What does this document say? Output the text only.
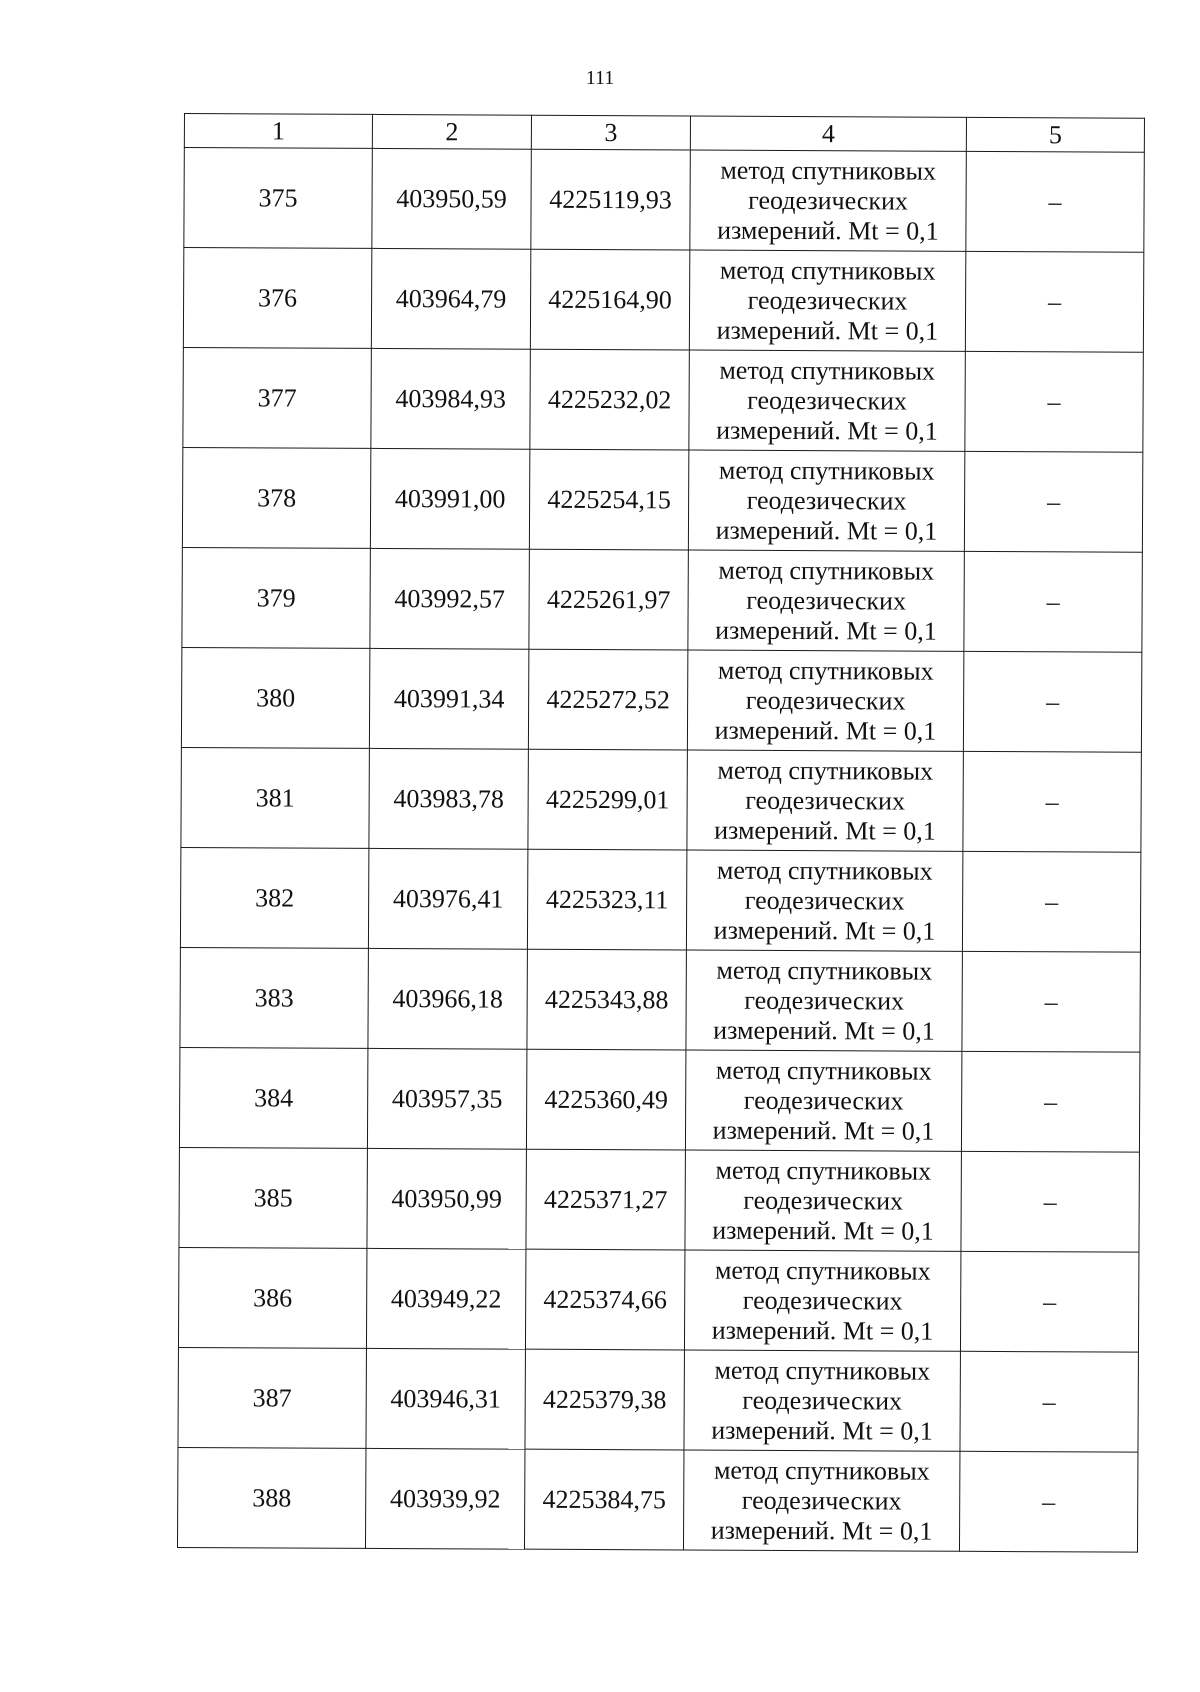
111
1	2	3	4	5
375	403950,59	4225119,93	метод спутниковых
геодезических
измерений. Mt = 0,1	–
376	403964,79	4225164,90	метод спутниковых
геодезических
измерений. Mt = 0,1	–
377	403984,93	4225232,02	метод спутниковых
геодезических
измерений. Mt = 0,1	–
378	403991,00	4225254,15	метод спутниковых
геодезических
измерений. Mt = 0,1	–
379	403992,57	4225261,97	метод спутниковых
геодезических
измерений. Mt = 0,1	–
380	403991,34	4225272,52	метод спутниковых
геодезических
измерений. Mt = 0,1	–
381	403983,78	4225299,01	метод спутниковых
геодезических
измерений. Mt = 0,1	–
382	403976,41	4225323,11	метод спутниковых
геодезических
измерений. Mt = 0,1	–
383	403966,18	4225343,88	метод спутниковых
геодезических
измерений. Mt = 0,1	–
384	403957,35	4225360,49	метод спутниковых
геодезических
измерений. Mt = 0,1	–
385	403950,99	4225371,27	метод спутниковых
геодезических
измерений. Mt = 0,1	–
386	403949,22	4225374,66	метод спутниковых
геодезических
измерений. Mt = 0,1	–
387	403946,31	4225379,38	метод спутниковых
геодезических
измерений. Mt = 0,1	–
388	403939,92	4225384,75	метод спутниковых
геодезических
измерений. Mt = 0,1	–
